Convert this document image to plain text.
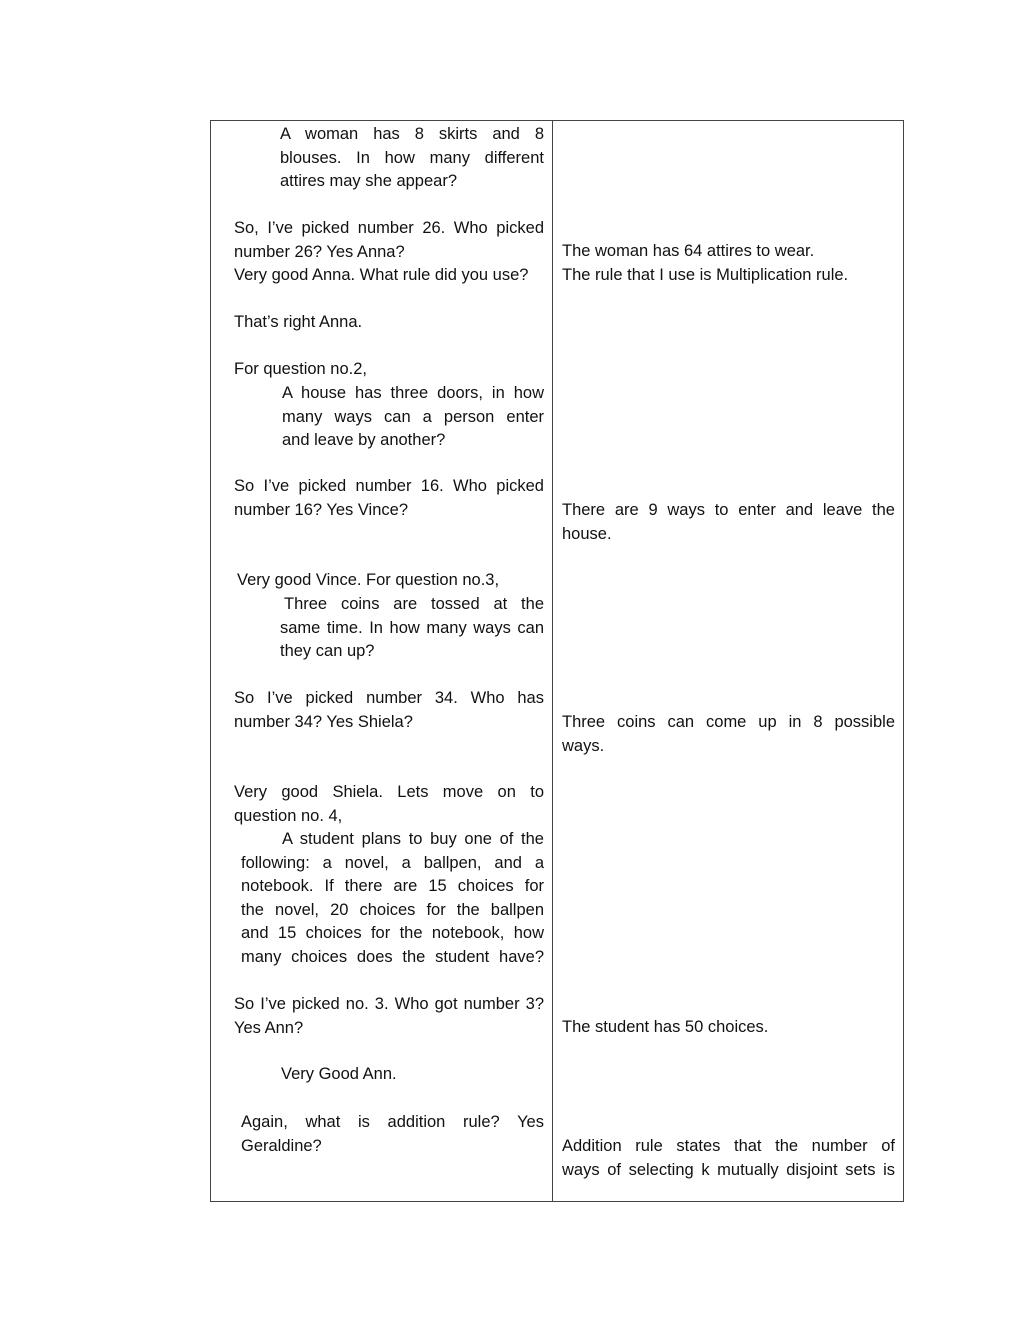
A woman has 8 skirts and 8
blouses. In how many different
attires may she appear?
So, I’ve picked number 26. Who picked
number 26? Yes Anna?
Very good Anna. What rule did you use?
That’s right Anna.
For question no.2,
A house has three doors, in how
many ways can a person enter
and leave by another?
So I’ve picked number 16. Who picked
number 16? Yes Vince?
Very good Vince. For question no.3,
Three coins are tossed at the
same time. In how many ways can
they can up?
So I’ve picked number 34. Who has
number 34? Yes Shiela?
Very good Shiela. Lets move on to
question no. 4,
A student plans to buy one of the
following: a novel, a ballpen, and a
notebook. If there are 15 choices for
the novel, 20 choices for the ballpen
and 15 choices for the notebook, how
many choices does the student have?
So I’ve picked no. 3. Who got number 3?
Yes Ann?
Very Good Ann.
Again, what is addition rule? Yes
Geraldine?
The woman has 64 attires to wear.
The rule that I use is Multiplication rule.
There are 9 ways to enter and leave the
house.
Three coins can come up in 8 possible
ways.
The student has 50 choices.
Addition rule states that the number of
ways of selecting k mutually disjoint sets is
